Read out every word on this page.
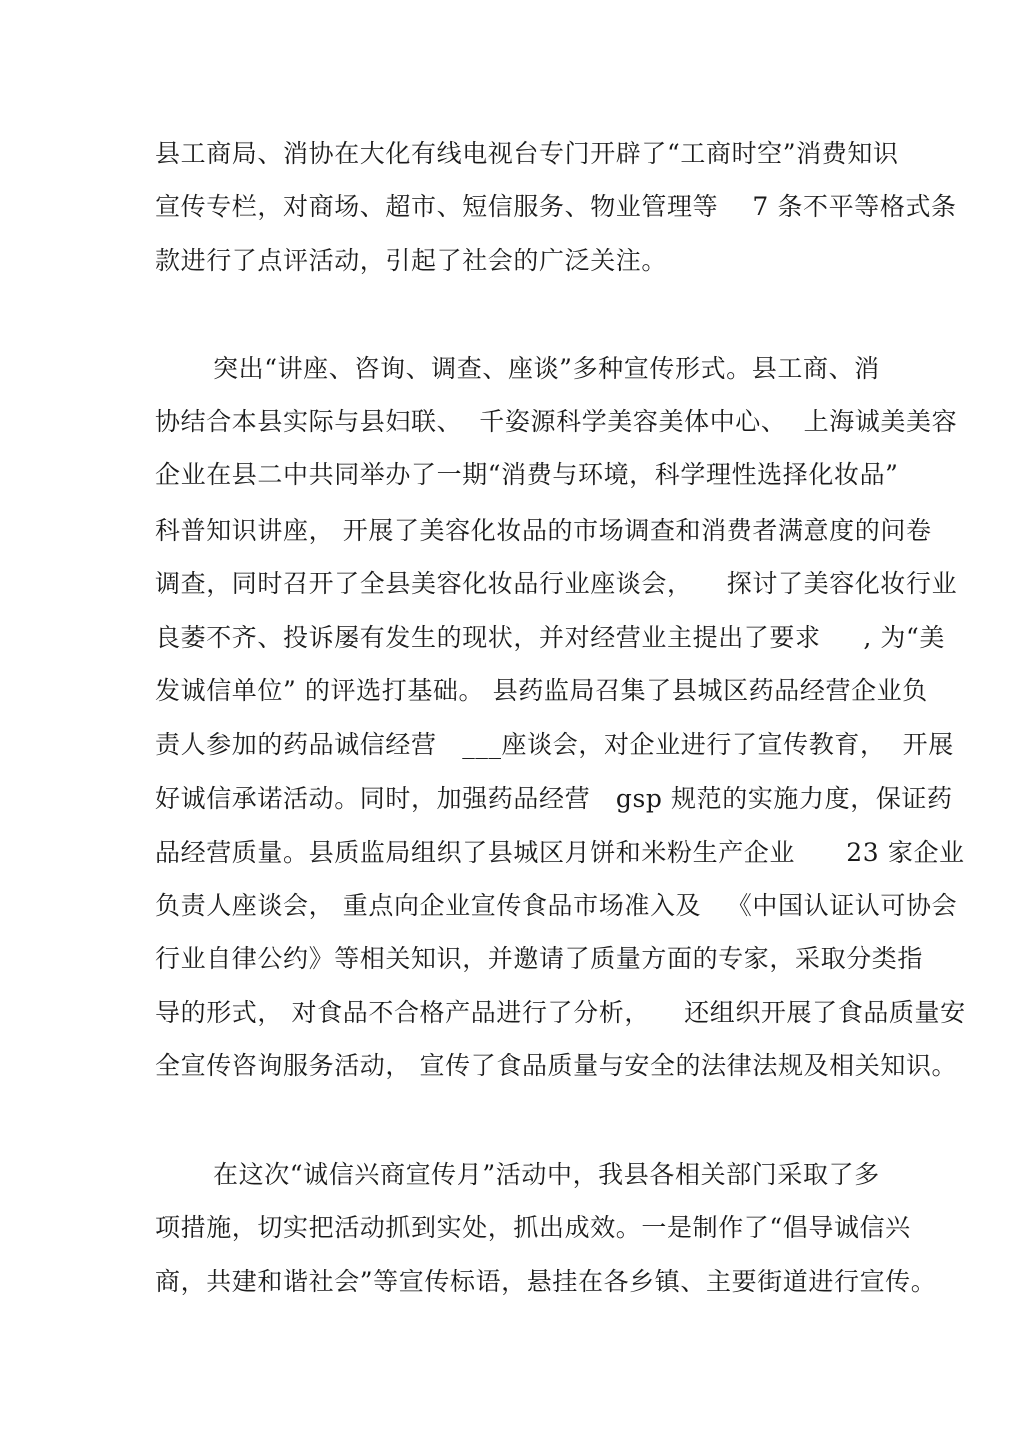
县工商局、消协在大化有线电视台专门开辟了“工商时空”消费知识
宣传专栏，对商场、超市、短信服务、物业管理等    7 条不平等格式条
款进行了点评活动，引起了社会的广泛关注。
突出“讲座、咨询、调查、座谈”多种宣传形式。县工商、消
协结合本县实际与县妇联、  千姿源科学美容美体中心、  上海诚美美容
企业在县二中共同举办了一期“消费与环境，科学理性选择化妆品”
科普知识讲座， 开展了美容化妆品的市场调查和消费者满意度的问卷
调查，同时召开了全县美容化妆品行业座谈会，    探讨了美容化妆行业
良萎不齐、投诉屡有发生的现状，并对经营业主提出了要求     , 为“美
发诚信单位” 的评选打基础。 县药监局召集了县城区药品经营企业负
责人参加的药品诚信经营   ___座谈会，对企业进行了宣传教育，  开展
好诚信承诺活动。同时，加强药品经营   gsp 规范的实施力度，保证药
品经营质量。县质监局组织了县城区月饼和米粉生产企业      23 家企业
负责人座谈会， 重点向企业宣传食品市场准入及   《中国认证认可协会
行业自律公约》等相关知识，并邀请了质量方面的专家，采取分类指
导的形式， 对食品不合格产品进行了分析，    还组织开展了食品质量安
全宣传咨询服务活动， 宣传了食品质量与安全的法律法规及相关知识。
在这次“诚信兴商宣传月”活动中，我县各相关部门采取了多
项措施，切实把活动抓到实处，抓出成效。一是制作了“倡导诚信兴
商，共建和谐社会”等宣传标语，悬挂在各乡镇、主要街道进行宣传。
